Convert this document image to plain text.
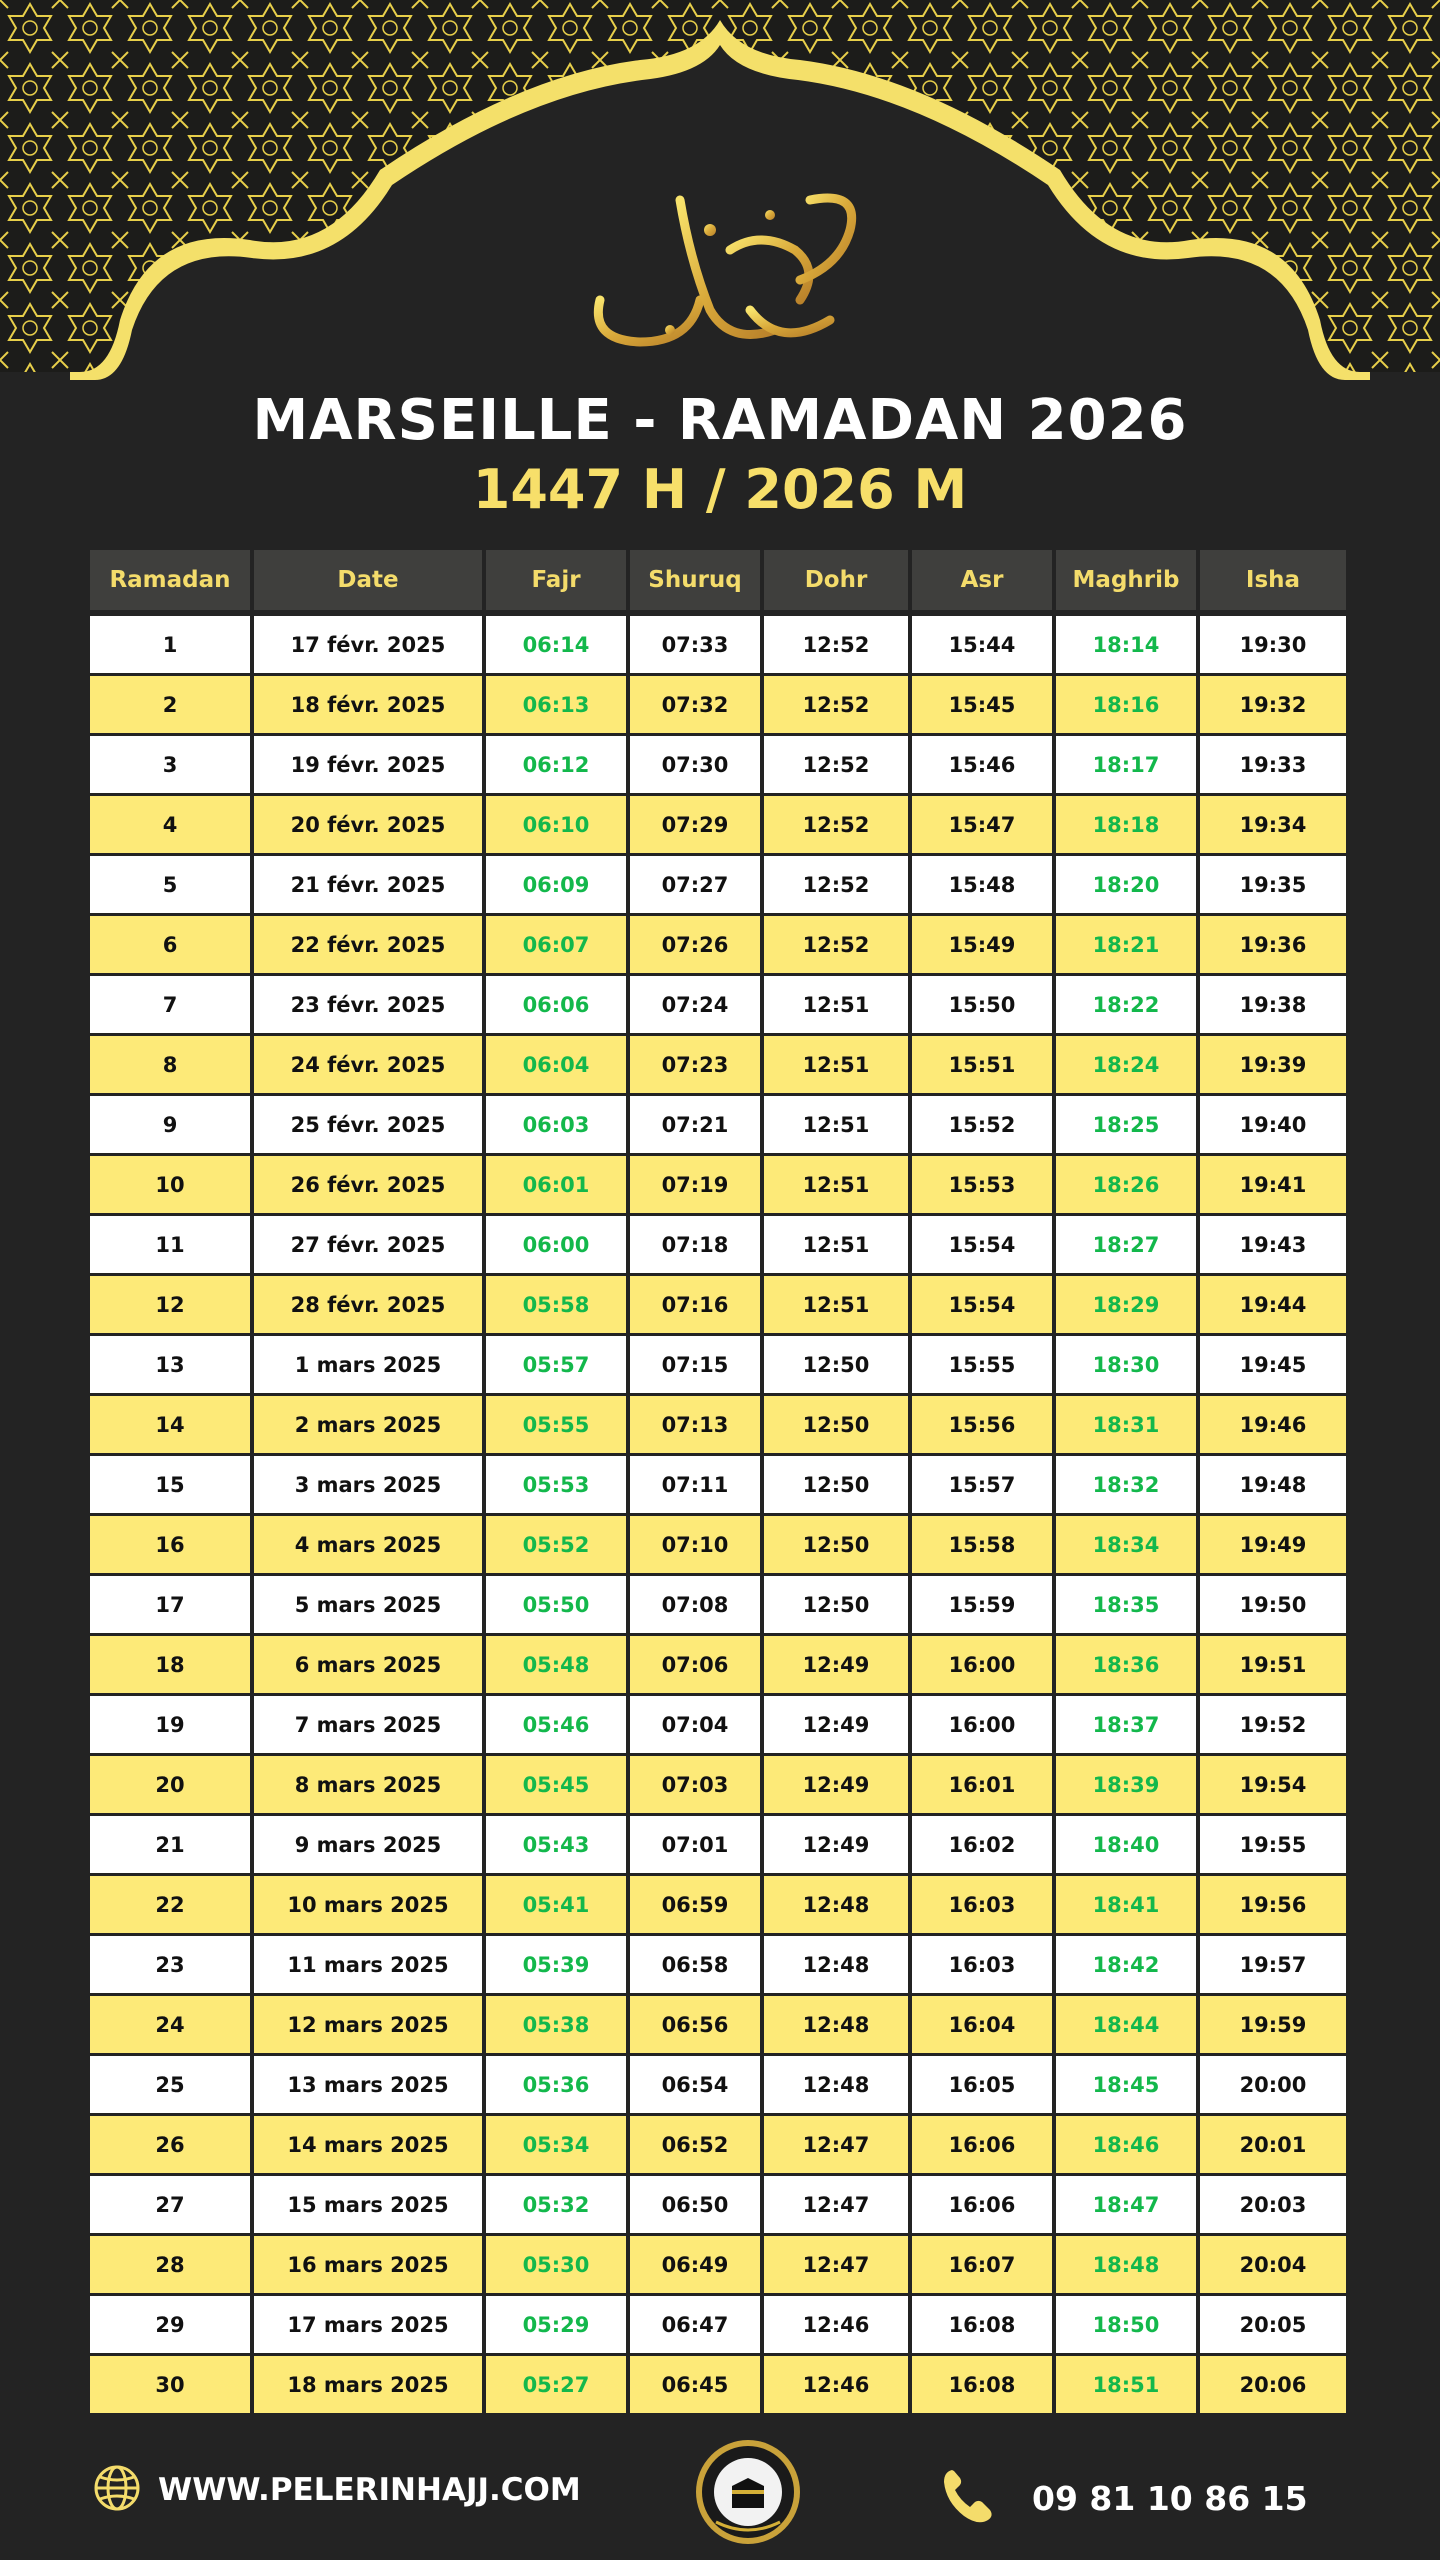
MARSEILLE - RAMADAN 2026
1447 H / 2026 M
Ramadan	Date	Fajr	Shuruq	Dohr	Asr	Maghrib	Isha
1	17 févr. 2025	06:14	07:33	12:52	15:44	18:14	19:30
2	18 févr. 2025	06:13	07:32	12:52	15:45	18:16	19:32
3	19 févr. 2025	06:12	07:30	12:52	15:46	18:17	19:33
4	20 févr. 2025	06:10	07:29	12:52	15:47	18:18	19:34
5	21 févr. 2025	06:09	07:27	12:52	15:48	18:20	19:35
6	22 févr. 2025	06:07	07:26	12:52	15:49	18:21	19:36
7	23 févr. 2025	06:06	07:24	12:51	15:50	18:22	19:38
8	24 févr. 2025	06:04	07:23	12:51	15:51	18:24	19:39
9	25 févr. 2025	06:03	07:21	12:51	15:52	18:25	19:40
10	26 févr. 2025	06:01	07:19	12:51	15:53	18:26	19:41
11	27 févr. 2025	06:00	07:18	12:51	15:54	18:27	19:43
12	28 févr. 2025	05:58	07:16	12:51	15:54	18:29	19:44
13	1 mars 2025	05:57	07:15	12:50	15:55	18:30	19:45
14	2 mars 2025	05:55	07:13	12:50	15:56	18:31	19:46
15	3 mars 2025	05:53	07:11	12:50	15:57	18:32	19:48
16	4 mars 2025	05:52	07:10	12:50	15:58	18:34	19:49
17	5 mars 2025	05:50	07:08	12:50	15:59	18:35	19:50
18	6 mars 2025	05:48	07:06	12:49	16:00	18:36	19:51
19	7 mars 2025	05:46	07:04	12:49	16:00	18:37	19:52
20	8 mars 2025	05:45	07:03	12:49	16:01	18:39	19:54
21	9 mars 2025	05:43	07:01	12:49	16:02	18:40	19:55
22	10 mars 2025	05:41	06:59	12:48	16:03	18:41	19:56
23	11 mars 2025	05:39	06:58	12:48	16:03	18:42	19:57
24	12 mars 2025	05:38	06:56	12:48	16:04	18:44	19:59
25	13 mars 2025	05:36	06:54	12:48	16:05	18:45	20:00
26	14 mars 2025	05:34	06:52	12:47	16:06	18:46	20:01
27	15 mars 2025	05:32	06:50	12:47	16:06	18:47	20:03
28	16 mars 2025	05:30	06:49	12:47	16:07	18:48	20:04
29	17 mars 2025	05:29	06:47	12:46	16:08	18:50	20:05
30	18 mars 2025	05:27	06:45	12:46	16:08	18:51	20:06
WWW.PELERINHAJJ.COM	09 81 10 86 15
